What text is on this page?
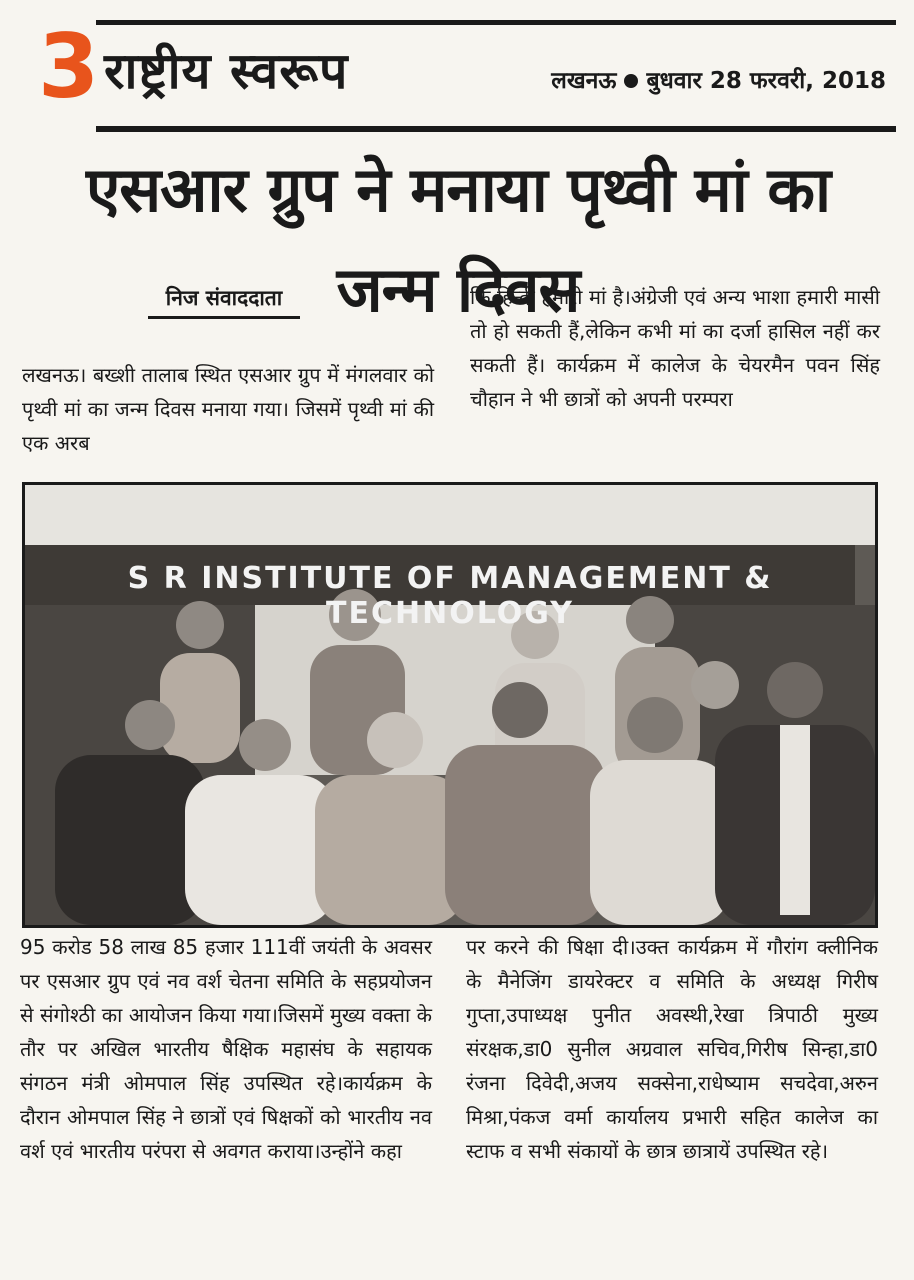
3 राष्ट्रीय स्वरूप	लखनऊ बुधवार 28 फरवरी, 2018
एसआर ग्रुप ने मनाया पृथ्वी मां का जन्म दिवस
निज संवाददाता
लखनऊ। बख्शी तालाब स्थित एसआर ग्रुप में मंगलवार को पृथ्वी मां का जन्म दिवस मनाया गया। जिसमें पृथ्वी मां की एक अरब
कि हिन्दी हमारी मां है।अंग्रेजी एवं अन्य भाशा हमारी मासी तो हो सकती हैं,लेकिन कभी मां का दर्जा हासिल नहीं कर सकती हैं। कार्यक्रम में कालेज के चेयरमैन पवन सिंह चौहान ने भी छात्रों को अपनी परम्परा
S R INSTITUTE OF MANAGEMENT & TECHNOLOGY
95 करोड 58 लाख 85 हजार 111वीं जयंती के अवसर पर एसआर ग्रुप एवं नव वर्श चेतना समिति के सहप्रयोजन से संगोश्ठी का आयोजन किया गया।जिसमें मुख्य वक्ता के तौर पर अखिल भारतीय षैक्षिक महासंघ के सहायक संगठन मंत्री ओमपाल सिंह उपस्थित रहे।कार्यक्रम के दौरान ओमपाल सिंह ने छात्रों एवं षिक्षकों को भारतीय नव वर्श एवं भारतीय परंपरा से अवगत कराया।उन्होंने कहा
पर करने की षिक्षा दी।उक्त कार्यक्रम में गौरांग क्लीनिक के मैनेजिंग डायरेक्टर व समिति के अध्यक्ष गिरीष गुप्ता,उपाध्यक्ष पुनीत अवस्थी,रेखा त्रिपाठी मुख्य संरक्षक,डा0 सुनील अग्रवाल सचिव,गिरीष सिन्हा,डा0 रंजना दिवेदी,अजय सक्सेना,राधेष्याम सचदेवा,अरुन मिश्रा,पंकज वर्मा कार्यालय प्रभारी सहित कालेज का स्टाफ व सभी संकायों के छात्र छात्रायें उपस्थित रहे।
